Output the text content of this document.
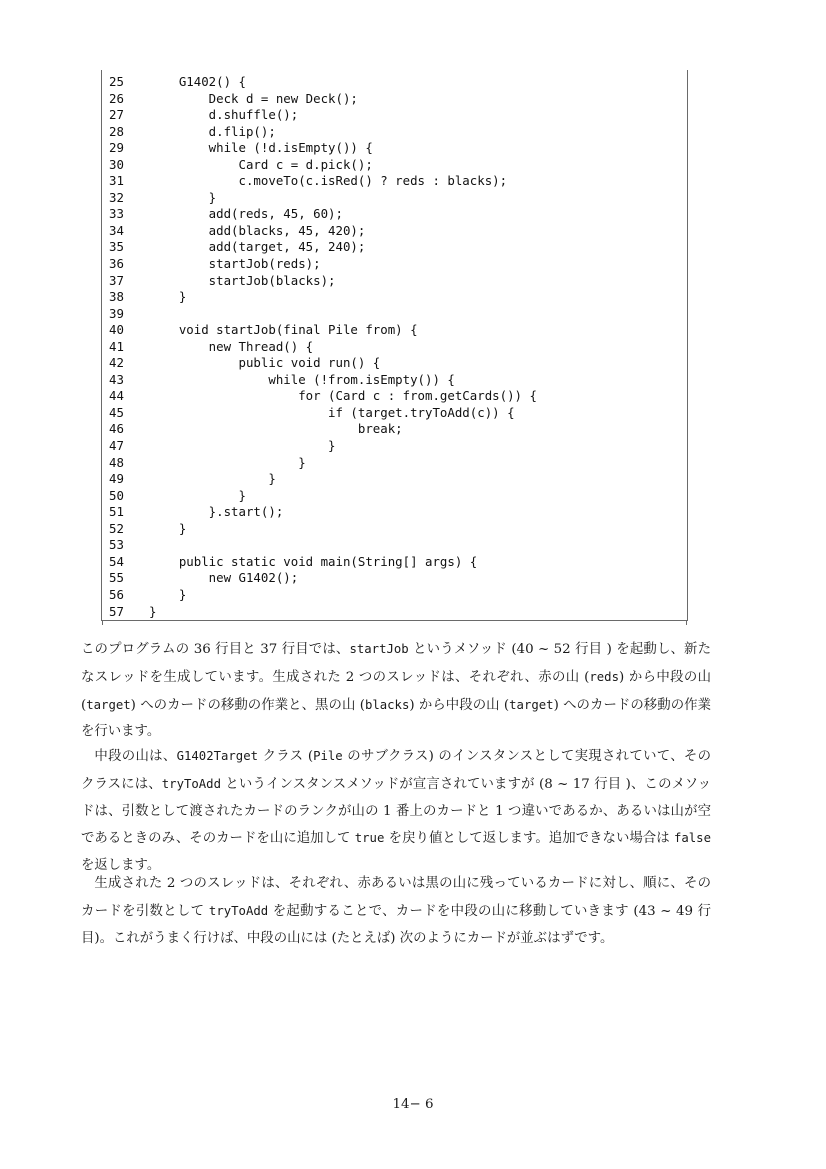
25    G1402() {
26        Deck d = new Deck();
27        d.shuffle();
28        d.flip();
29        while (!d.isEmpty()) {
30            Card c = d.pick();
31            c.moveTo(c.isRed() ? reds : blacks);
32        }
33        add(reds, 45, 60);
34        add(blacks, 45, 420);
35        add(target, 45, 240);
36        startJob(reds);
37        startJob(blacks);
38    }
39
40    void startJob(final Pile from) {
41        new Thread() {
42            public void run() {
43                while (!from.isEmpty()) {
44                    for (Card c : from.getCards()) {
45                        if (target.tryToAdd(c)) {
46                            break;
47                        }
48                    }
49                }
50            }
51        }.start();
52    }
53
54    public static void main(String[] args) {
55        new G1402();
56    }
57 }

このプログラムの 36 行目と 37 行目では、startJob というメソッド (40 ~ 52 行目 ) を起動し、新たなスレッドを生成しています。生成された 2 つのスレッドは、それぞれ、赤の山 (reds) から中段の山 (target) へのカードの移動の作業と、黒の山 (blacks) から中段の山 (target) へのカードの移動の作業を行います。

中段の山は、G1402Target クラス (Pile のサブクラス) のインスタンスとして実現されていて、そのクラスには、tryToAdd というインスタンスメソッドが宣言されていますが (8 ~ 17 行目 )、このメソッドは、引数として渡されたカードのランクが山の 1 番上のカードと 1 つ違いであるか、あるいは山が空であるときのみ、そのカードを山に追加して true を戻り値として返します。追加できない場合は false を返します。

生成された 2 つのスレッドは、それぞれ、赤あるいは黒の山に残っているカードに対し、順に、そのカードを引数として tryToAdd を起動することで、カードを中段の山に移動していきます (43 ~ 49 行目)。これがうまく行けば、中段の山には (たとえば) 次のようにカードが並ぶはずです。

14− 6
